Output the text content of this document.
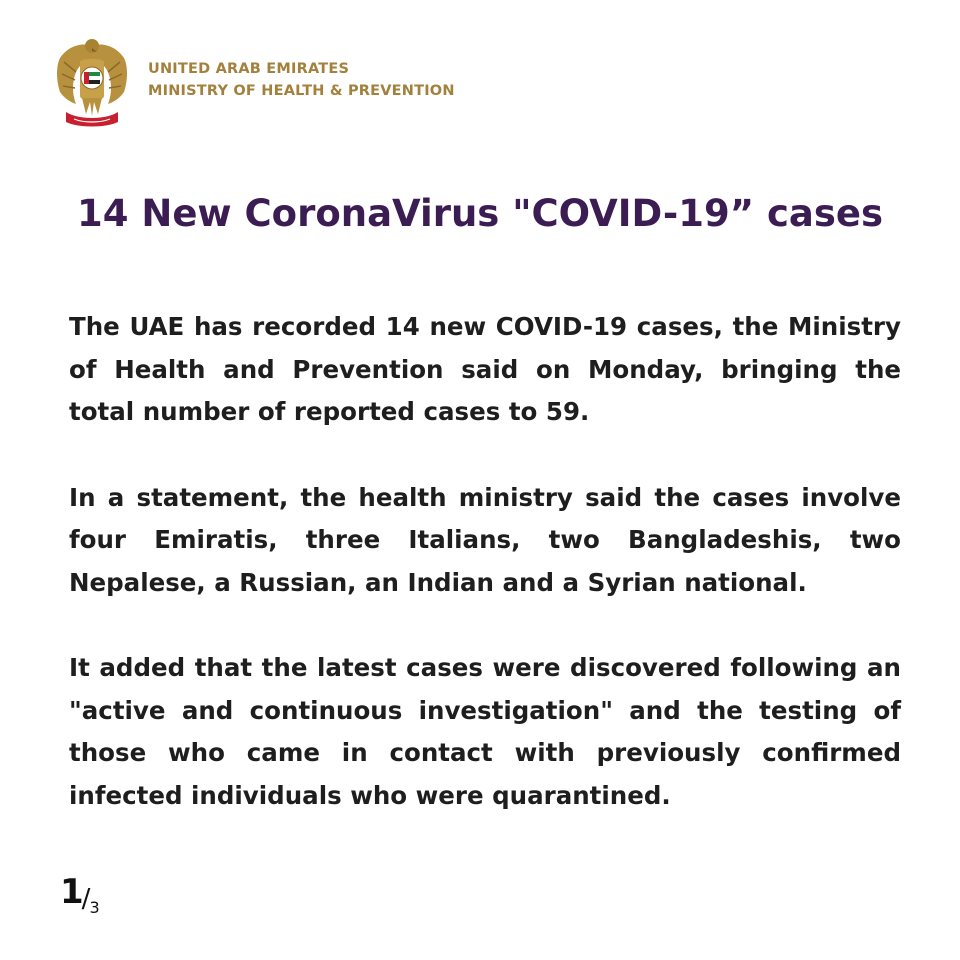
UNITED ARAB EMIRATES
MINISTRY OF HEALTH & PREVENTION
14 New CoronaVirus "COVID-19” cases

The UAE has recorded 14 new COVID-19 cases, the Ministry of Health and Prevention said on Monday, bringing the total number of reported cases to 59.

In a statement, the health ministry said the cases involve four Emiratis, three Italians, two Bangladeshis, two Nepalese, a Russian, an Indian and a Syrian national.

It added that the latest cases were discovered following an "active and continuous investigation" and the testing of those who came in contact with previously confirmed infected individuals who were quarantined.

1/3
